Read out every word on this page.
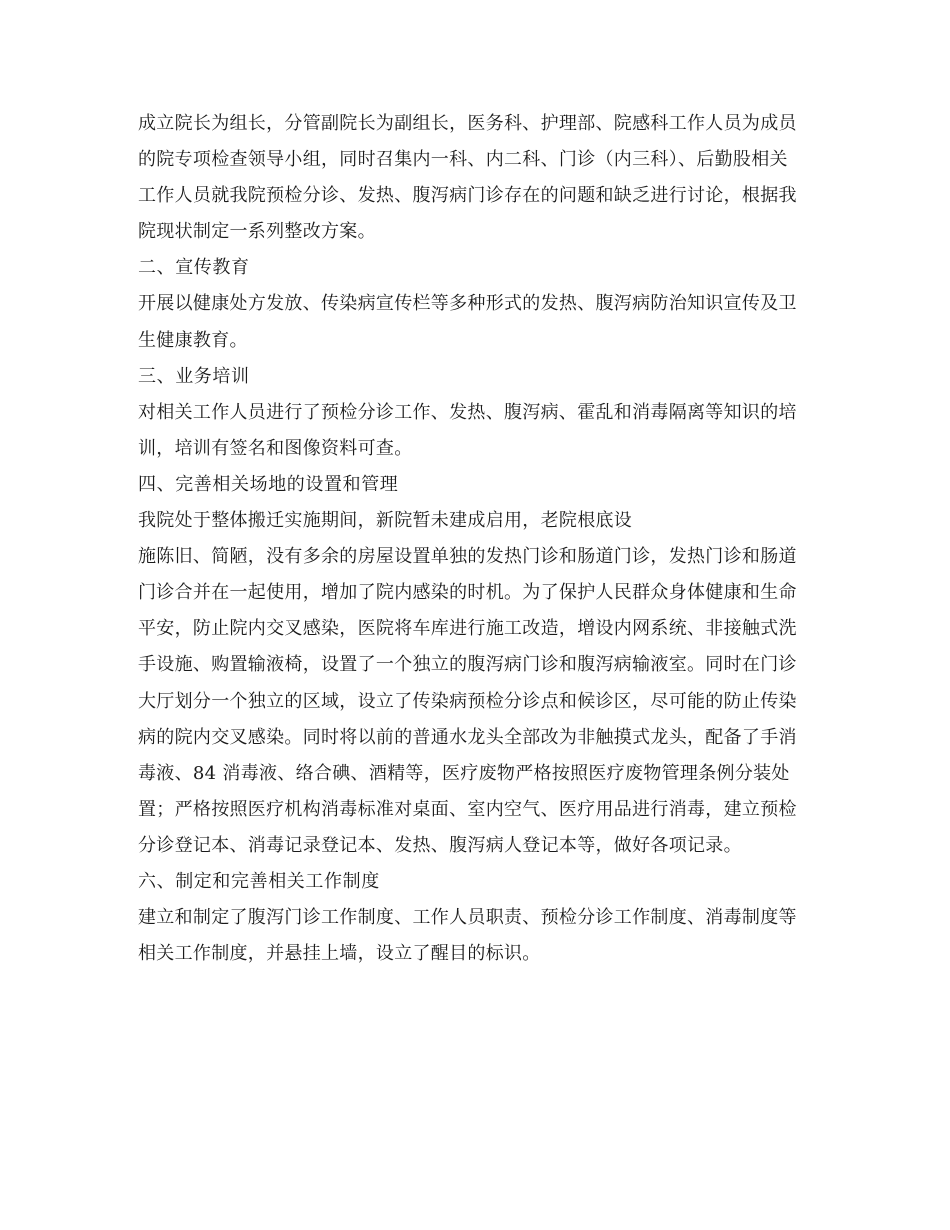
成立院长为组长，分管副院长为副组长，医务科、护理部、院感科工作人员为成员
的院专项检查领导小组，同时召集内一科、内二科、门诊（内三科）、后勤股相关
工作人员就我院预检分诊、发热、腹泻病门诊存在的问题和缺乏进行讨论，根据我
院现状制定一系列整改方案。
二、宣传教育
开展以健康处方发放、传染病宣传栏等多种形式的发热、腹泻病防治知识宣传及卫
生健康教育。
三、业务培训
对相关工作人员进行了预检分诊工作、发热、腹泻病、霍乱和消毒隔离等知识的培
训，培训有签名和图像资料可查。
四、完善相关场地的设置和管理
我院处于整体搬迁实施期间，新院暂未建成启用，老院根底设
施陈旧、简陋，没有多余的房屋设置单独的发热门诊和肠道门诊，发热门诊和肠道
门诊合并在一起使用，增加了院内感染的时机。为了保护人民群众身体健康和生命
平安，防止院内交叉感染，医院将车库进行施工改造，增设内网系统、非接触式洗
手设施、购置输液椅，设置了一个独立的腹泻病门诊和腹泻病输液室。同时在门诊
大厅划分一个独立的区域，设立了传染病预检分诊点和候诊区，尽可能的防止传染
病的院内交叉感染。同时将以前的普通水龙头全部改为非触摸式龙头，配备了手消
毒液、84 消毒液、络合碘、酒精等，医疗废物严格按照医疗废物管理条例分装处
置；严格按照医疗机构消毒标准对桌面、室内空气、医疗用品进行消毒，建立预检
分诊登记本、消毒记录登记本、发热、腹泻病人登记本等，做好各项记录。
六、制定和完善相关工作制度
建立和制定了腹泻门诊工作制度、工作人员职责、预检分诊工作制度、消毒制度等
相关工作制度，并悬挂上墙，设立了醒目的标识。
